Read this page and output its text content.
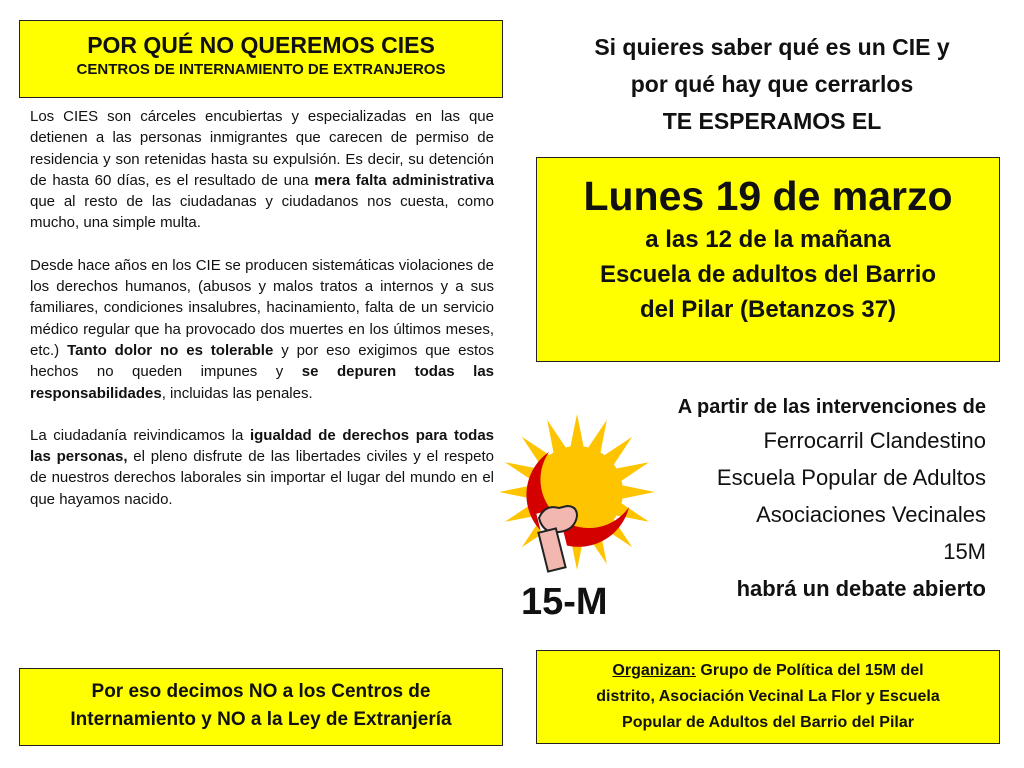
POR QUÉ NO QUEREMOS CIES
CENTROS DE INTERNAMIENTO DE EXTRANJEROS

Los CIES son cárceles encubiertas y especializadas en las que detienen a las personas inmigrantes que carecen de permiso de residencia y son retenidas hasta su expulsión. Es decir, su detención de hasta 60 días, es el resultado de una mera falta administrativa que al resto de las ciudadanas y ciudadanos nos cuesta, como mucho, una simple multa.

Desde hace años en los CIE se producen sistemáticas violaciones de los derechos humanos, (abusos y malos tratos a internos y a sus familiares, condiciones insalubres, hacinamiento, falta de un servicio médico regular que ha provocado dos muertes en los últimos meses, etc.) Tanto dolor no es tolerable y por eso exigimos que estos hechos no queden impunes y se depuren todas las responsabilidades, incluidas las penales.

La ciudadanía reivindicamos la igualdad de derechos para todas las personas, el pleno disfrute de las libertades civiles y el respeto de nuestros derechos laborales sin importar el lugar del mundo en el que hayamos nacido.

Por eso decimos NO a los Centros de
Internamiento y NO a la Ley de Extranjería
Si quieres saber qué es un CIE y
por qué hay que cerrarlos
TE ESPERAMOS EL
Lunes 19 de marzo
a las 12 de la mañana
Escuela de adultos del Barrio
del Pilar (Betanzos 37)
15-M
A partir de las intervenciones de
Ferrocarril Clandestino
Escuela Popular de Adultos
Asociaciones Vecinales
15M
habrá un debate abierto
Organizan: Grupo de Política del 15M del
distrito, Asociación Vecinal La Flor y Escuela
Popular de Adultos del Barrio del Pilar
